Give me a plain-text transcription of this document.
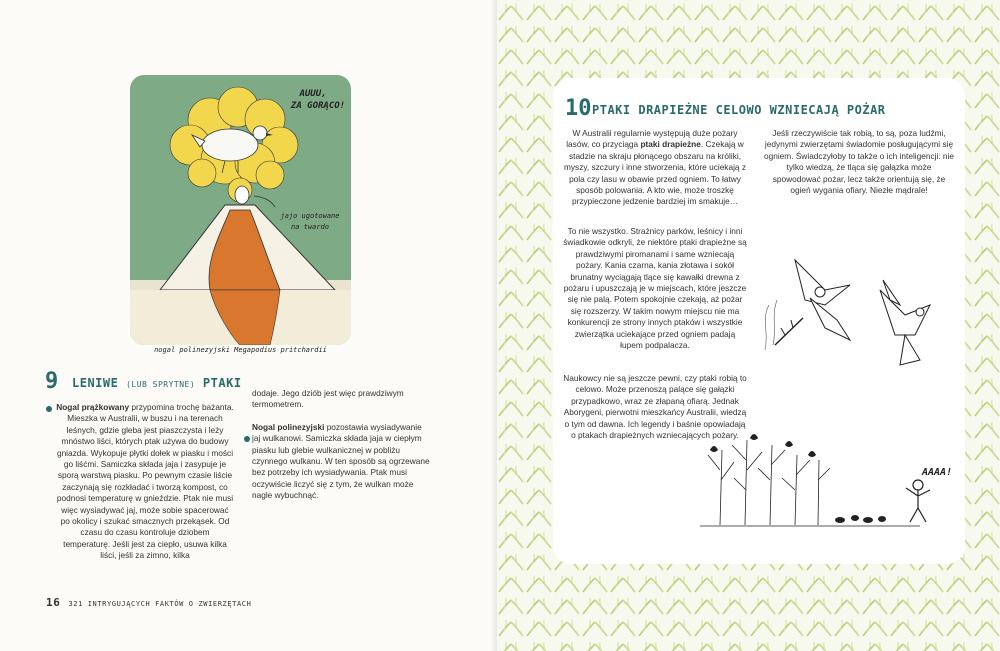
AUUU,
ZA GORĄCO!
jajo ugotowane
na twardo
nogal polinezyjski Megapodius pritchardii
9 LENIWE (LUB SPRYTNE) PTAKI

Nogal prążkowany przypomina trochę bażanta. Mieszka w Australii, w buszu i na terenach leśnych, gdzie gleba jest piaszczysta i leży mnóstwo liści, których ptak używa do budowy gniazda. Wykopuje płytki dołek w piasku i mości go liśćmi. Samiczka składa jaja i zasypuje je sporą warstwą piasku. Po pewnym czasie liście zaczynają się rozkładać i tworzą kompost, co podnosi temperaturę w gnieździe. Ptak nie musi więc wysiadywać jaj, może sobie spacerować po okolicy i szukać smacznych przekąsek. Od czasu do czasu kontroluje dziobem temperaturę. Jeśli jest za ciepło, usuwa kilka liści, jeśli za zimno, kilka

dodaje. Jego dziób jest więc prawdziwym termometrem.

Nogal polinezyjski pozostawia wysiadywanie jaj wulkanowi. Samiczka składa jaja w ciepłym piasku lub glebie wulkanicznej w pobliżu czynnego wulkanu. W ten sposób są ogrzewane bez potrzeby ich wysiadywania. Ptak musi oczywiście liczyć się z tym, że wulkan może nagle wybuchnąć.

16 321 INTRYGUJĄCYCH FAKTÓW O ZWIERZĘTACH
10 PTAKI DRAPIEŻNE CELOWO WZNIECAJĄ POŻAR

W Australii regularnie występują duże pożary lasów, co przyciąga ptaki drapieżne. Czekają w stadzie na skraju płonącego obszaru na króliki, myszy, szczury i inne stworzenia, które uciekają z pola czy lasu w obawie przed ogniem. To łatwy sposób polowania. A kto wie, może troszkę przypieczone jedzenie bardziej im smakuje…

To nie wszystko. Strażnicy parków, leśnicy i inni świadkowie odkryli, że niektóre ptaki drapieżne są prawdziwymi piromanami i same wzniecają pożary. Kania czarna, kania złotawa i sokół brunatny wyciągają tlące się kawałki drewna z pożaru i upuszczają je w miejscach, które jeszcze się nie palą. Potem spokojnie czekają, aż pożar się rozszerzy. W takim nowym miejscu nie ma konkurencji ze strony innych ptaków i wszystkie zwierzątka uciekające przed ogniem padają łupem podpalacza.

Naukowcy nie są jeszcze pewni, czy ptaki robią to celowo. Może przenoszą palące się gałązki przypadkowo, wraz ze złapaną ofiarą. Jednak Aborygeni, pierwotni mieszkańcy Australii, wiedzą o tym od dawna. Ich legendy i baśnie opowiadają o ptakach drapieżnych wzniecających pożary.

Jeśli rzeczywiście tak robią, to są, poza ludźmi, jedynymi zwierzętami świadomie posługującymi się ogniem. Świadczyłoby to także o ich inteligencji: nie tylko wiedzą, że tląca się gałązka może spowodować pożar, lecz także orientują się, że ogień wygania ofiary. Niezłe mądrale!

AAAA!
